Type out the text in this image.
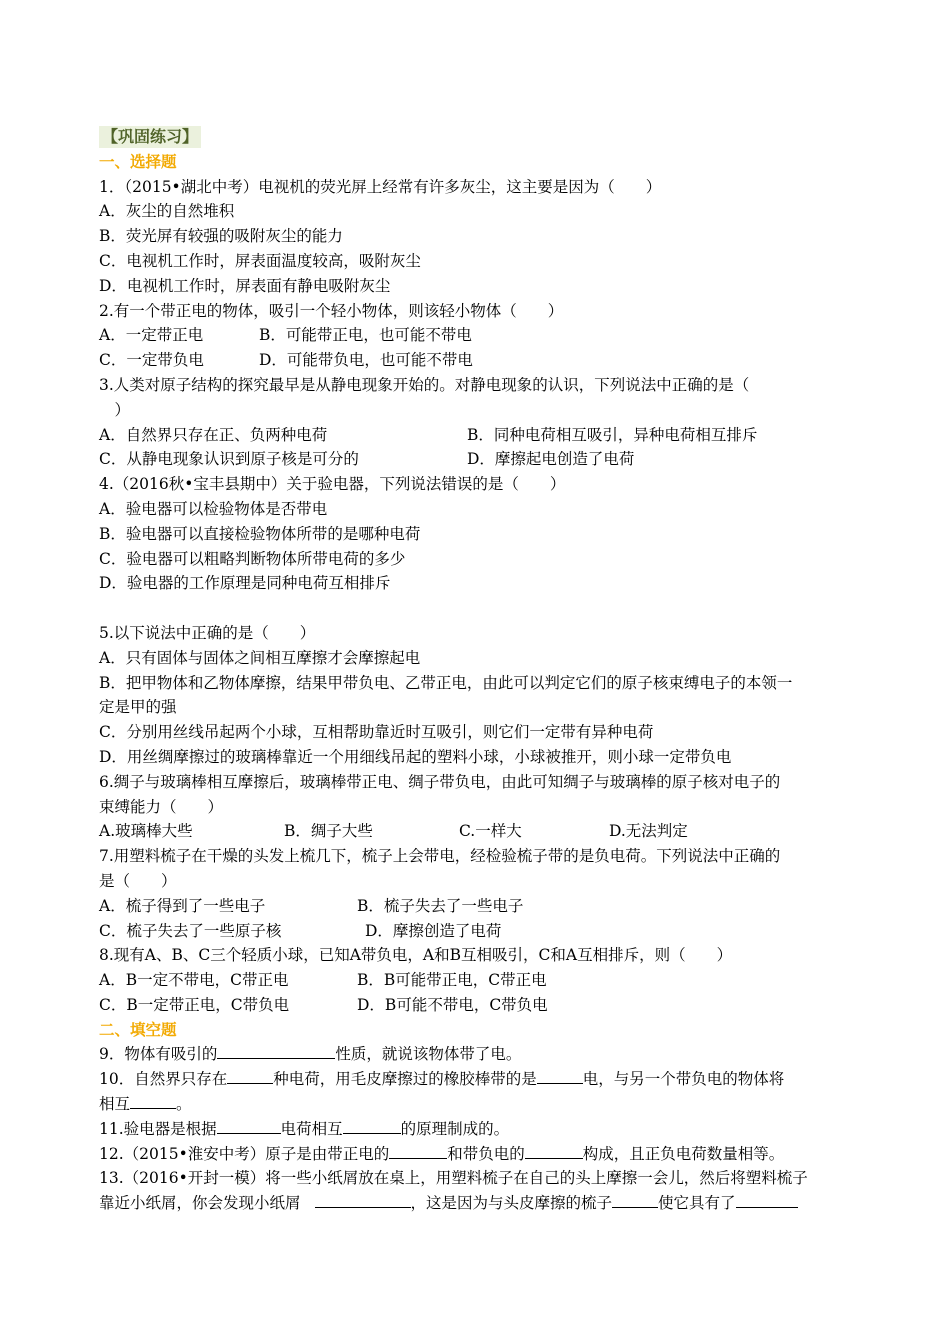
【巩固练习】
一、选择题
1．（2015•湖北中考）电视机的荧光屏上经常有许多灰尘，这主要是因为（　　）
A．灰尘的自然堆积
B．荧光屏有较强的吸附灰尘的能力
C．电视机工作时，屏表面温度较高，吸附灰尘
D．电视机工作时，屏表面有静电吸附灰尘
2.有一个带正电的物体，吸引一个轻小物体，则该轻小物体（　　）
A．一定带正电	B．可能带正电，也可能不带电
C．一定带负电	D．可能带负电，也可能不带电
3.人类对原子结构的探究最早是从静电现象开始的。对静电现象的认识，下列说法中正确的是（
　）
A．自然界只存在正、负两种电荷	B．同种电荷相互吸引，异种电荷相互排斥
C．从静电现象认识到原子核是可分的	D．摩擦起电创造了电荷
4.（2016秋•宝丰县期中）关于验电器，下列说法错误的是（　　）
A．验电器可以检验物体是否带电
B．验电器可以直接检验物体所带的是哪种电荷
C．验电器可以粗略判断物体所带电荷的多少
D．验电器的工作原理是同种电荷互相排斥
5.以下说法中正确的是（　　）
A．只有固体与固体之间相互摩擦才会摩擦起电
B．把甲物体和乙物体摩擦，结果甲带负电、乙带正电，由此可以判定它们的原子核束缚电子的本领一
定是甲的强
C．分别用丝线吊起两个小球，互相帮助靠近时互吸引，则它们一定带有异种电荷
D．用丝绸摩擦过的玻璃棒靠近一个用细线吊起的塑料小球，小球被推开，则小球一定带负电
6.绸子与玻璃棒相互摩擦后，玻璃棒带正电、绸子带负电，由此可知绸子与玻璃棒的原子核对电子的
束缚能力（　　）
A.玻璃棒大些	B．绸子大些	C.一样大	D.无法判定
7.用塑料梳子在干燥的头发上梳几下，梳子上会带电，经检验梳子带的是负电荷。下列说法中正确的
是（　　）
A．梳子得到了一些电子	B．梳子失去了一些电子
C．梳子失去了一些原子核	D．摩擦创造了电荷
8.现有A、B、C三个轻质小球，已知A带负电，A和B互相吸引，C和A互相排斥，则（　　）
A．B一定不带电，C带正电	B．B可能带正电，C带正电
C．B一定带正电，C带负电	D．B可能不带电，C带负电
二、填空题
9．物体有吸引的	性质，就说该物体带了电。
10．自然界只存在	种电荷，用毛皮摩擦过的橡胶棒带的是	电，与另一个带负电的物体将
相互	。
11.验电器是根据	电荷相互	的原理制成的。
12.（2015•淮安中考）原子是由带正电的	和带负电的	构成，且正负电荷数量相等。
13.（2016•开封一模）将一些小纸屑放在桌上，用塑料梳子在自己的头上摩擦一会儿，然后将塑料梳子
靠近小纸屑，你会发现小纸屑	，这是因为与头皮摩擦的梳子	使它具有了
